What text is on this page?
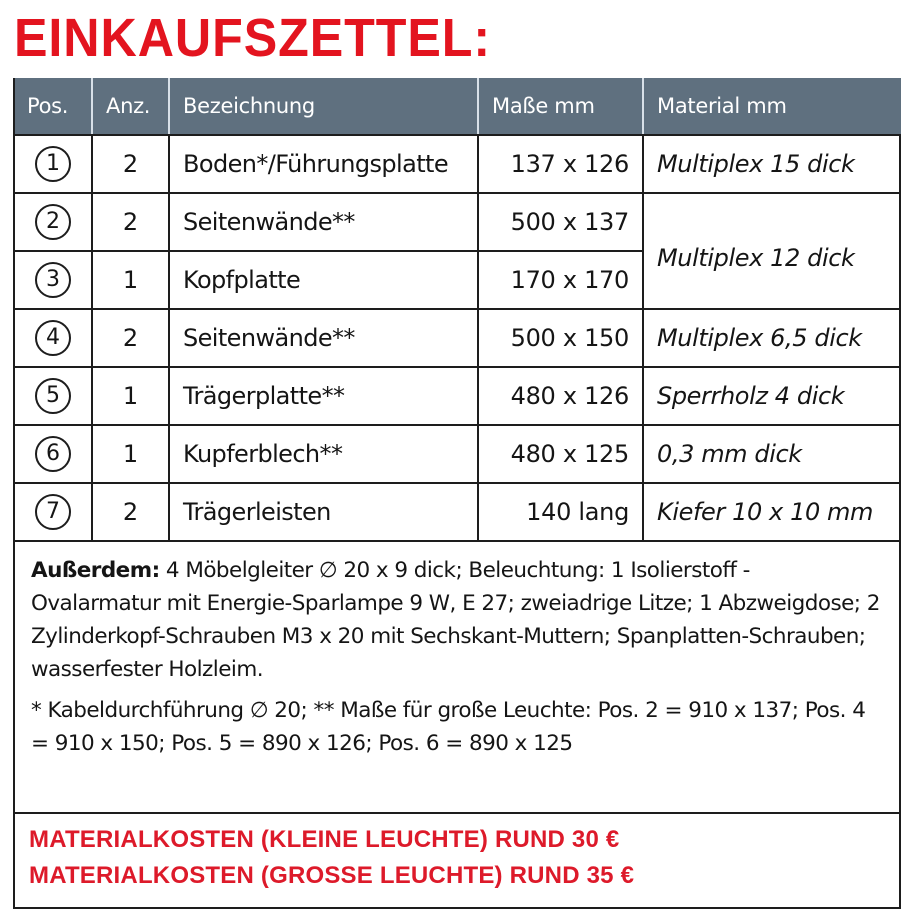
EINKAUFSZETTEL:
Pos.	Anz.	Bezeichnung	Maße mm	Material mm
1	2	Boden*/Führungsplatte	137 x 126	Multiplex 15 dick
2	2	Seitenwände**	500 x 137	Multiplex 12 dick
3	1	Kopfplatte	170 x 170	
4	2	Seitenwände**	500 x 150	Multiplex 6,5 dick
5	1	Trägerplatte**	480 x 126	Sperrholz 4 dick
6	1	Kupferblech**	480 x 125	0,3 mm dick
7	2	Trägerleisten	140 lang	Kiefer 10 x 10 mm

Außerdem: 4 Möbelgleiter ∅ 20 x 9 dick; Beleuchtung: 1 Isolierstoff - Ovalarmatur mit Energie-Sparlampe 9 W, E 27; zweiadrige Litze; 1 Abzweigdose; 2 Zylinderkopf-Schrauben M3 x 20 mit Sechskant-Muttern; Spanplatten-Schrauben; wasserfester Holzleim.

* Kabeldurchführung ∅ 20; ** Maße für große Leuchte: Pos. 2 = 910 x 137; Pos. 4 = 910 x 150; Pos. 5 = 890 x 126; Pos. 6 = 890 x 125

MATERIALKOSTEN (KLEINE LEUCHTE) RUND 30 €
MATERIALKOSTEN (GROSSE LEUCHTE) RUND 35 €
